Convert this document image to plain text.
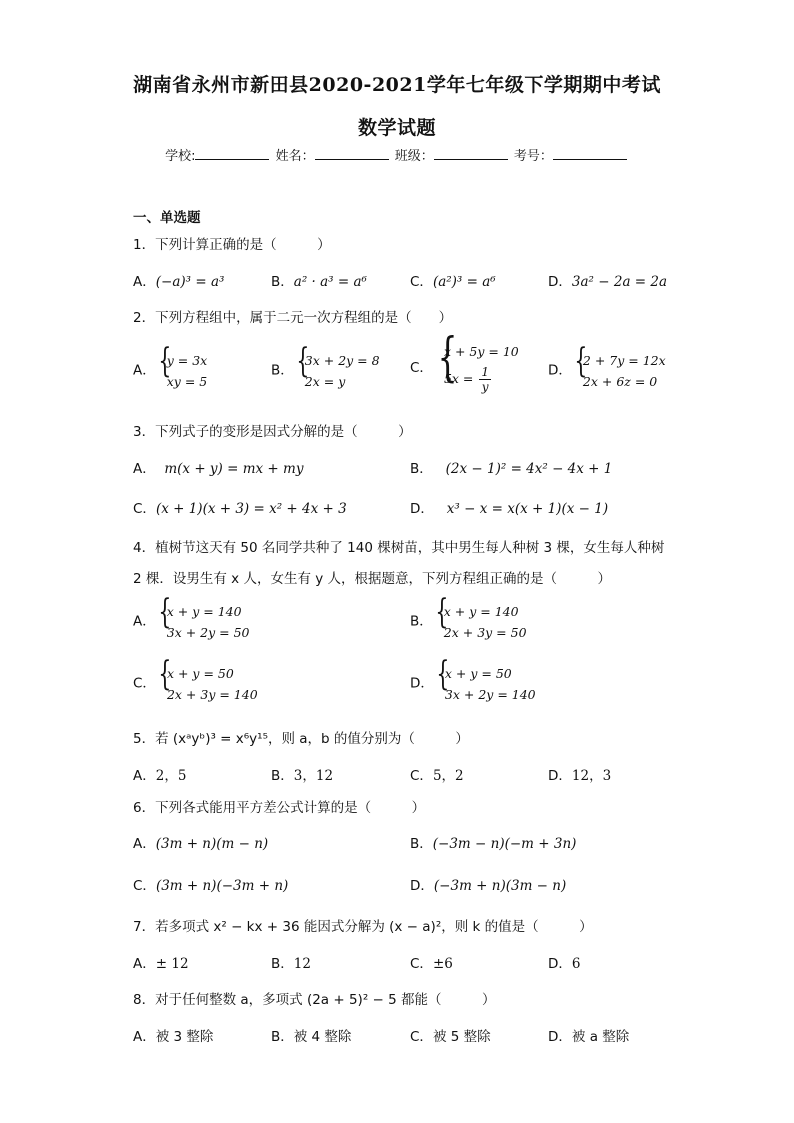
湖南省永州市新田县2020-2021学年七年级下学期期中考试
数学试题
学校:	姓名：	班级：	考号：
一、单选题
1．下列计算正确的是（　　　）
A．(−a)³ = a³	B．a² · a³ = a⁶	C．(a²)³ = a⁶	D．3a² − 2a = 2a
2．下列方程组中，属于二元一次方程组的是（　　）
A．
{ y = 3x
xy = 5
B．
{ 3x + 2y = 8
2x = y
C．
{ x + 5y = 10
$5x = \frac{1}{y}$	D．
{ 2 + 7y = 12x
2x + 6z = 0
3．下列式子的变形是因式分解的是（　　　）
A． m(x + y) = mx + my	B． (2x − 1)² = 4x² − 4x + 1
C．(x + 1)(x + 3) = x² + 4x + 3	D． x³ − x = x(x + 1)(x − 1)
4．植树节这天有 50 名同学共种了 140 棵树苗，其中男生每人种树 3 棵，女生每人种树
2 棵．设男生有 x 人，女生有 y 人，根据题意，下列方程组正确的是（　　　）
A．
{ x + y = 140
3x + 2y = 50
B．
{ x + y = 140
2x + 3y = 50
C．
{ x + y = 50
2x + 3y = 140
D．
{ x + y = 50
3x + 2y = 140
5．若 (xᵃyᵇ)³ = x⁶y¹⁵，则 a，b 的值分别为（　　　）
A．2，5	B．3，12	C．5，2	D．12，3
6．下列各式能用平方差公式计算的是（　　　）
A．(3m + n)(m − n)	B．(−3m − n)(−m + 3n)
C．(3m + n)(−3m + n)	D．(−3m + n)(3m − n)
7．若多项式 x² − kx + 36 能因式分解为 (x − a)²，则 k 的值是（　　　）
A．± 12	B．12	C．±6	D．6
8．对于任何整数 a，多项式 (2a + 5)² − 5 都能（　　　）
A．被 3 整除	B．被 4 整除	C．被 5 整除	D．被 a 整除
